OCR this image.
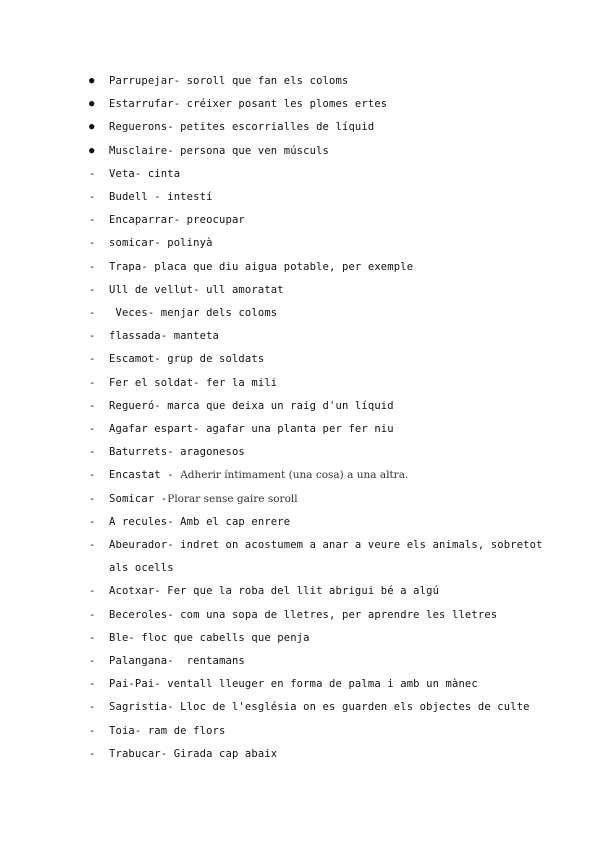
●	Parrupejar- soroll que fan els coloms
●	Estarrufar- créixer posant les plomes ertes
●	Reguerons- petites escorrialles de líquid
●	Musclaire- persona que ven músculs
-	Veta- cinta
-	Budell - intestí
-	Encaparrar- preocupar
-	somicar- polinyà
-	Trapa- placa que diu aigua potable, per exemple
-	Ull de vellut- ull amoratat
-	Veces- menjar dels coloms
-	flassada- manteta
-	Escamot- grup de soldats
-	Fer el soldat- fer la mili
-	Regueró- marca que deixa un raig d'un líquid
-	Agafar espart- agafar una planta per fer niu
-	Baturrets- aragonesos
-	Encastat - Adherir íntimament (una cosa) a una altra.
-	Somicar -Plorar sense gaire soroll
-	A recules- Amb el cap enrere
-	Abeurador- indret on acostumem a anar a veure els animals, sobretot als ocells
-	Acotxar- Fer que la roba del llit abrigui bé a algú
-	Beceroles- com una sopa de lletres, per aprendre les lletres
-	Ble- floc que cabells que penja
-	Palangana-  rentamans
-	Pai-Pai- ventall lleuger en forma de palma i amb un mànec
-	Sagristia- Lloc de l'església on es guarden els objectes de culte
-	Toia- ram de flors
-	Trabucar- Girada cap abaix
